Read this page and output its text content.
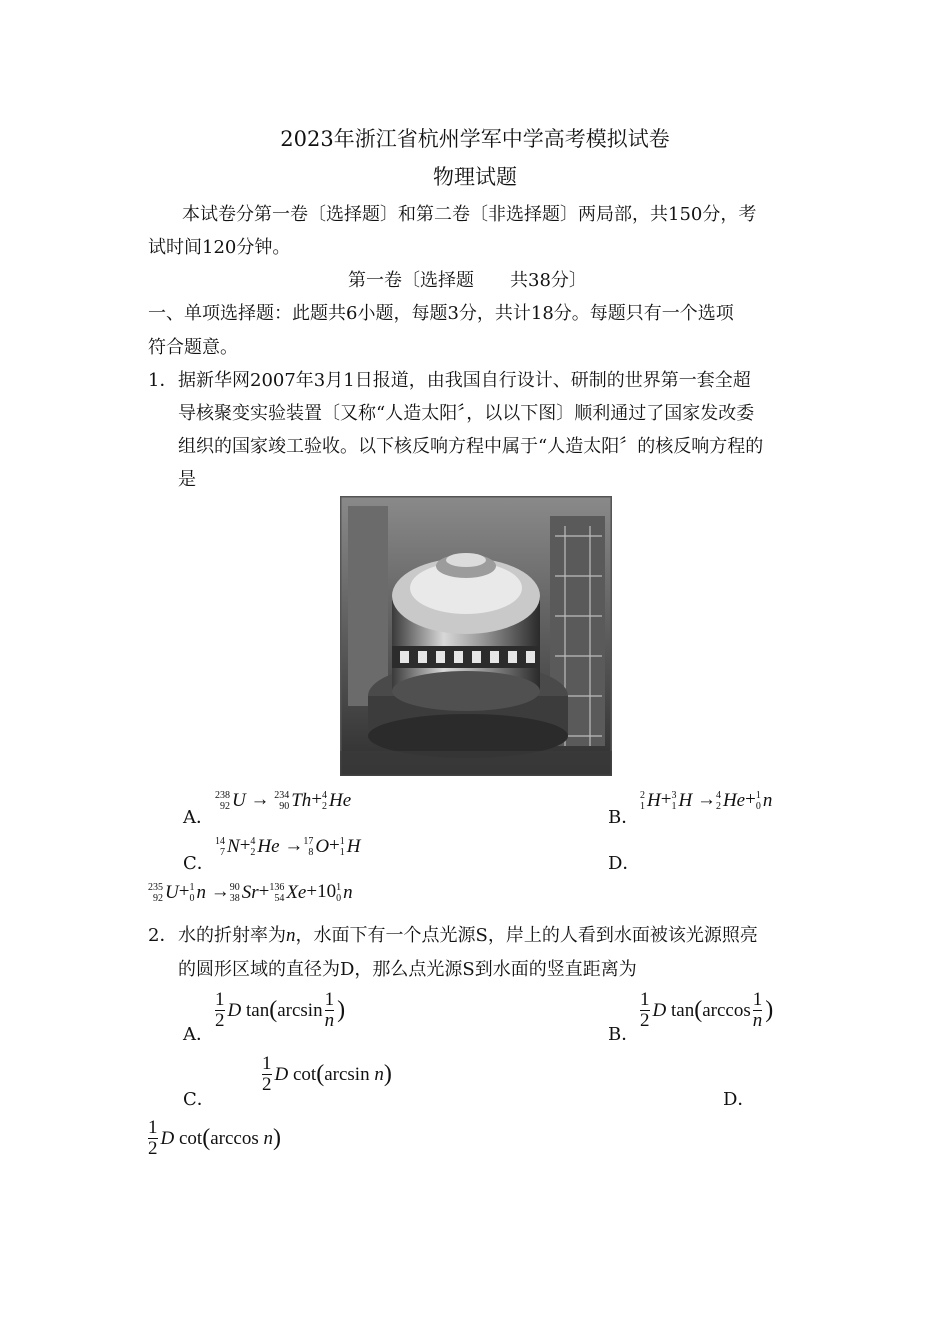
2023年浙江省杭州学军中学高考模拟试卷
物理试题
本试卷分第一卷〔选择题〕和第二卷〔非选择题〕两局部，共150分，考
试时间120分钟。
第一卷〔选择题 共38分〕
一、单项选择题：此题共6小题，每题3分，共计18分。每题只有一个选项
符合题意。
1． 据新华网2007年3月1日报道，由我国自行设计、研制的世界第一套全超
导核聚变实验装置〔又称“人造太阳〞，以以下图〕顺利通过了国家发改委
组织的国家竣工验收。以下核反响方程中属于“人造太阳〞的核反响方程的
是
A．
238
92 U → 234
90 Th + 4
2 He
B．
2
1 H + 3
1 H → 4
2 He + 1
0 n
C．
14
7 N + 4
2 He → 17
8 O + 1
1 H
D．
235
92 U + 1
0 n → 90
38 Sr + 136
54 Xe +10 1
0 n
2． 水的折射率为n，水面下有一个点光源S，岸上的人看到水面被该光源照亮
的圆形区域的直径为D，那么点光源S到水面的竖直距离为
A．
$\frac{1}{2}$ D
tan ( $\arcsin \frac{1}{n}$ )
B．
$\frac{1}{2}$ D
tan ( $\arccos \frac{1}{n}$ )
C．
$\frac{1}{2}$ D
cot ( arcsin
n )
D．
$\frac{1}{2}$ D
cot ( arccos
n )
